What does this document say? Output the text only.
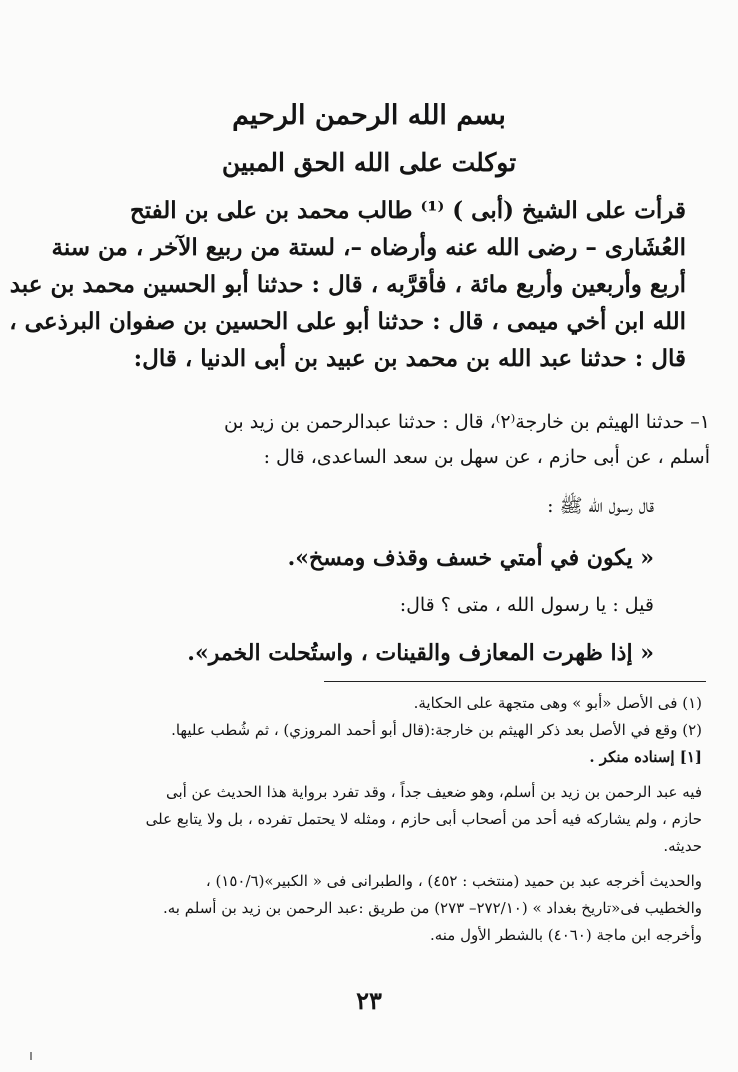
بسم الله الرحمن الرحيم
توكلت على الله الحق المبين

قرأت على الشيخ (أبى ) ⁽¹⁾ طالب محمد بن على بن الفتح

العُشَارى – رضى الله عنه وأرضاه –، لستة من ربيع الآخر ، من سنة

أربع وأربعين وأربع مائة ، فأقرَّبه ، قال : حدثنا أبو الحسين محمد بن عبد

الله ابن أخي ميمى ، قال : حدثنا أبو على الحسين بن صفوان البرذعى ،

قال : حدثنا عبد الله بن محمد بن عبيد بن أبى الدنيا ، قال:

١– حدثنا الهيثم بن خارجة⁽٢⁾، قال : حدثنا عبدالرحمن بن زيد بن

أسلم ، عن أبى حازم ، عن سهل بن سعد الساعدى، قال :

قال رسول الله ﷺ :
« يكون في أمتي خسف وقذف ومسخ».
قيل : يا رسول الله ، متى ؟ قال:
« إذا ظهرت المعازف والقينات ، واستُحلت الخمر».

(١) فى الأصل «أبو » وهى متجهة على الحكاية.

(٢) وقع في الأصل بعد ذكر الهيثم بن خارجة:(قال أبو أحمد المروزي) ، ثم شُطب عليها.

[١] إسناده منكر .

فيه عبد الرحمن بن زيد بن أسلم، وهو ضعيف جداً ، وقد تفرد برواية هذا الحديث عن أبى

حازم ، ولم يشاركه فيه أحد من أصحاب أبى حازم ، ومثله لا يحتمل تفرده ، بل ولا يتابع على

حديثه.

والحديث أخرجه عبد بن حميد (منتخب : ٤٥٢) ، والطبرانى فى « الكبير»(١٥٠/٦) ،

والخطيب فى«تاريخ بغداد » (٢٧٢/١٠– ٢٧٣) من طريق :عبد الرحمن بن زيد بن أسلم به.

وأخرجه ابن ماجة (٤٠٦٠) بالشطر الأول منه.

٢٣
